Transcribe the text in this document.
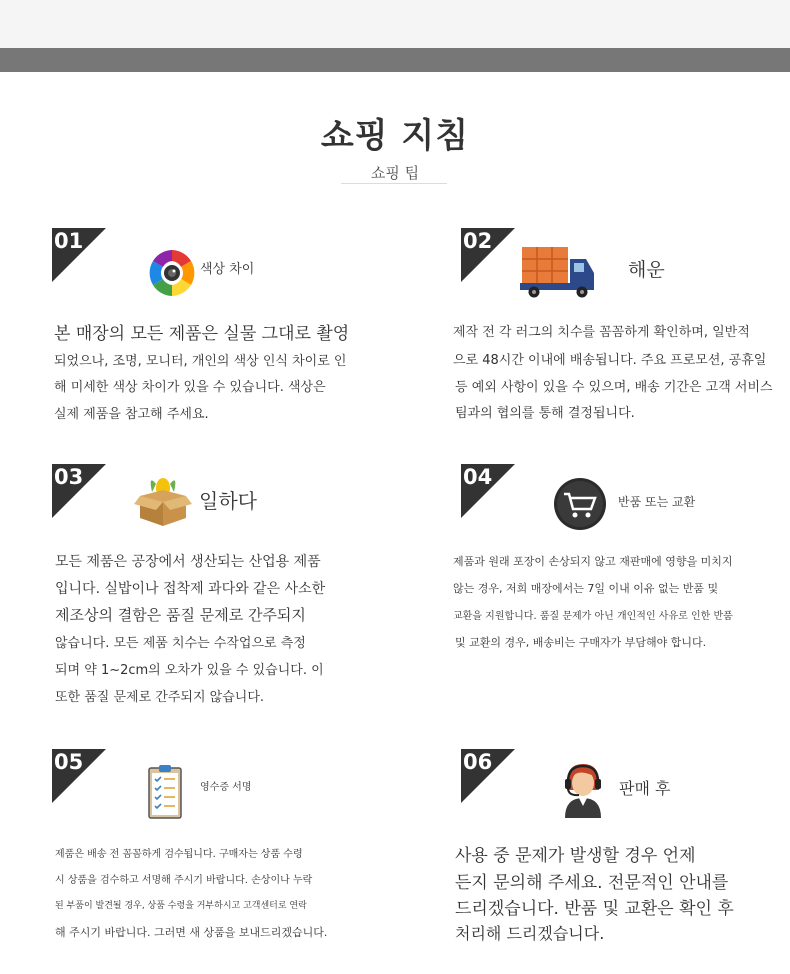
쇼핑 지침
쇼핑 팁
01
색상 차이
본 매장의 모든 제품은 실물 그대로 촬영
되었으나, 조명, 모니터, 개인의 색상 인식 차이로 인
해 미세한 색상 차이가 있을 수 있습니다. 색상은
실제 제품을 참고해 주세요.
02
해운
제작 전 각 러그의 치수를 꼼꼼하게 확인하며, 일반적
으로 48시간 이내에 배송됩니다. 주요 프로모션, 공휴일
등 예외 사항이 있을 수 있으며, 배송 기간은 고객 서비스
팀과의 협의를 통해 결정됩니다.
03
일하다
모든 제품은 공장에서 생산되는 산업용 제품
입니다. 실밥이나 접착제 과다와 같은 사소한
제조상의 결함은 품질 문제로 간주되지
않습니다. 모든 제품 치수는 수작업으로 측정
되며 약 1~2cm의 오차가 있을 수 있습니다. 이
또한 품질 문제로 간주되지 않습니다.
04
반품 또는 교환
제품과 원래 포장이 손상되지 않고 재판매에 영향을 미치지
않는 경우, 저희 매장에서는 7일 이내 이유 없는 반품 및
교환을 지원합니다. 품질 문제가 아닌 개인적인 사유로 인한 반품
및 교환의 경우, 배송비는 구매자가 부담해야 합니다.
05
영수증 서명
제품은 배송 전 꼼꼼하게 검수됩니다. 구매자는 상품 수령
시 상품을 검수하고 서명해 주시기 바랍니다. 손상이나 누락
된 부품이 발견될 경우, 상품 수령을 거부하시고 고객센터로 연락
해 주시기 바랍니다. 그러면 새 상품을 보내드리겠습니다.
06
판매 후
사용 중 문제가 발생할 경우 언제
든지 문의해 주세요. 전문적인 안내를
드리겠습니다. 반품 및 교환은 확인 후
처리해 드리겠습니다.
